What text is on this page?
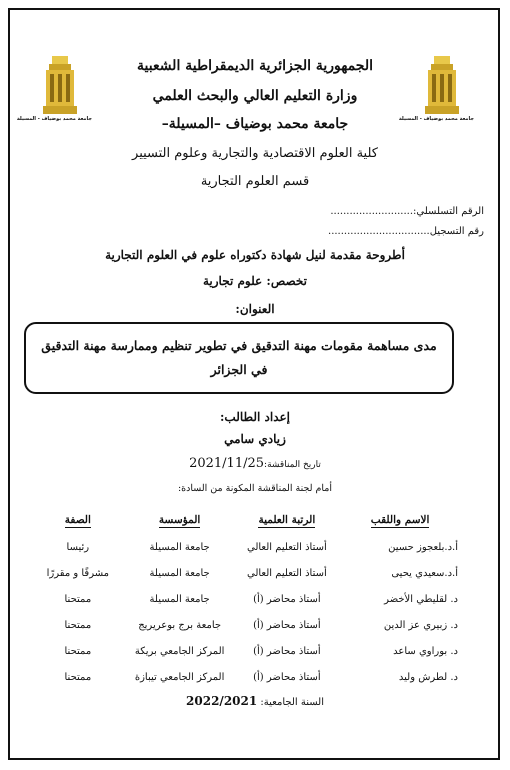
جامعة محمد بوضياف - المسيلة	جامعة محمد بوضياف - المسيلة
الجمهورية الجزائرية الديمقراطية الشعبية
وزارة التعليم العالي والبحث العلمي
جامعة محمد بوضياف –المسيلة–
كلية العلوم الاقتصادية والتجارية وعلوم التسيير
قسم العلوم التجارية
الرقم التسلسلي:..........................
رقم التسجيل................................
أطروحة مقدمة لنيل شهادة دكتوراه علوم في العلوم التجارية
تخصص: علوم تجارية
العنوان:
مدى مساهمة مقومات مهنة التدقيق في تطوير تنظيم وممارسة مهنة التدقيق في الجزائر
إعداد الطالب:
زيادي سامي
تاريخ المناقشة:2021/11/25
أمام لجنة المناقشة المكونة من السادة:
الاسم واللقب	الرتبة العلمية	المؤسسة	الصفة
أ.د.بلعجوز حسين	أستاذ التعليم العالي	جامعة المسيلة	رئيسا
أ.د.سعيدي يحيى	أستاذ التعليم العالي	جامعة المسيلة	مشرفًا و مقررًا
د. لقليطي الأخضر	أستاذ محاضر (أ)	جامعة المسيلة	ممتحنا
د. زبيري عز الدين	أستاذ محاضر (أ)	جامعة برج بوعريريج	ممتحنا
د. بوراوي ساعد	أستاذ محاضر (أ)	المركز الجامعي بريكة	ممتحنا
د. لطرش وليد	أستاذ محاضر (أ)	المركز الجامعي تيبازة	ممتحنا
السنة الجامعية: 2022/2021
